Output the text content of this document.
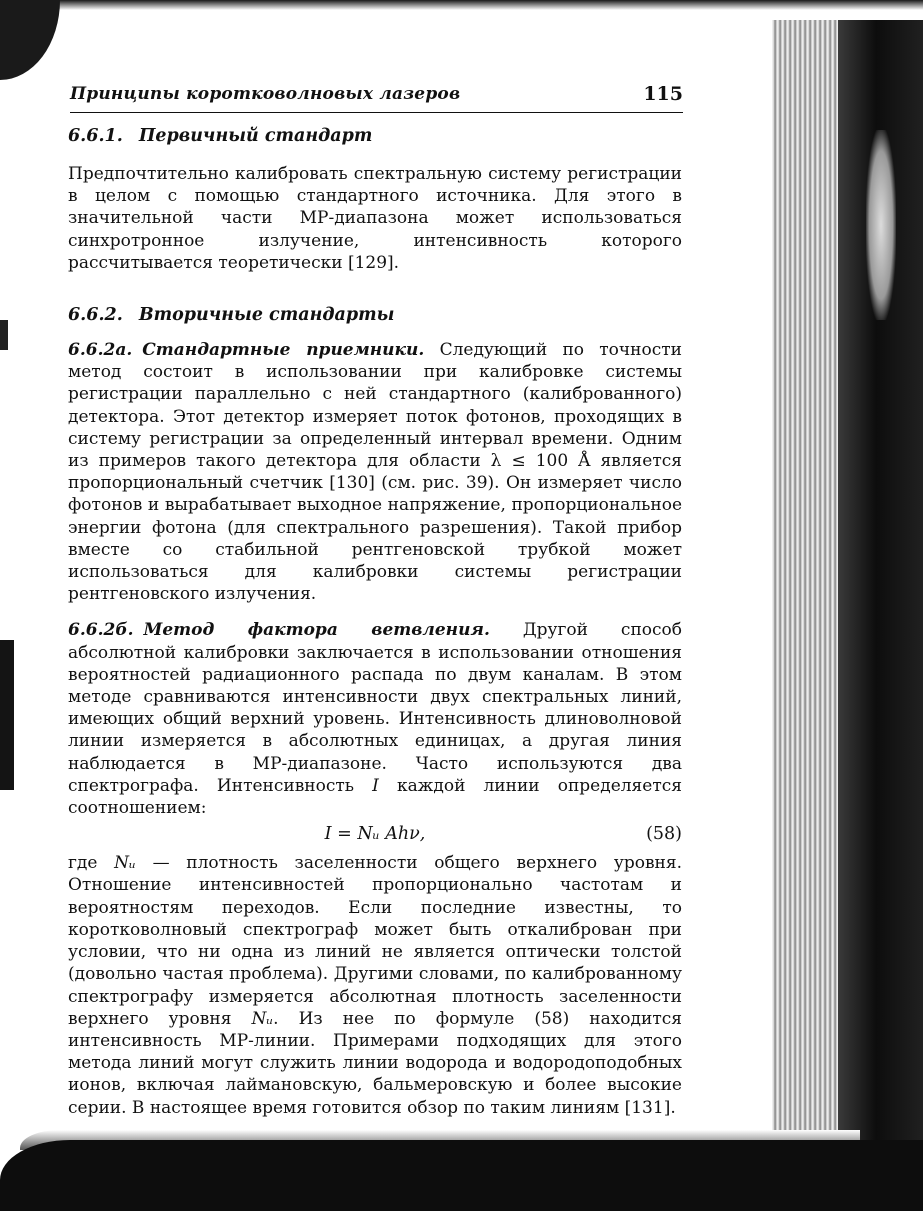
Принципы коротковолновых лазеров	115

6.6.1. Первичный стандарт

Предпочтительно калибровать спектральную систему регистрации в целом с помощью стандартного источника. Для этого в значительной части МР-диапазона может использоваться синхротронное излучение, интенсивность которого рассчитывается теоретически [129].

6.6.2. Вторичные стандарты

6.6.2а. Стандартные приемники. Следующий по точности метод состоит в использовании при калибровке системы регистрации параллельно с ней стандартного (калиброванного) детектора. Этот детектор измеряет поток фотонов, проходящих в систему регистрации за определенный интервал времени. Одним из примеров такого детектора для области λ ≤ 100 Å является пропорциональный счетчик [130] (см. рис. 39). Он измеряет число фотонов и вырабатывает выходное напряжение, пропорциональное энергии фотона (для спектрального разрешения). Такой прибор вместе со стабильной рентгеновской трубкой может использоваться для калибровки системы регистрации рентгеновского излучения.

6.6.2б. Метод фактора ветвления. Другой способ абсолютной калибровки заключается в использовании отношения вероятностей радиационного распада по двум каналам. В этом методе сравниваются интенсивности двух спектральных линий, имеющих общий верхний уровень. Интенсивность длиноволновой линии измеряется в абсолютных единицах, а другая линия наблюдается в МР-диапазоне. Часто используются два спектрографа. Интенсивность I каждой линии определяется соотношением:

I = Nᵤ Ahν,	(58)

где Nᵤ — плотность заселенности общего верхнего уровня. Отношение интенсивностей пропорционально частотам и вероятностям переходов. Если последние известны, то коротковолновый спектрограф может быть откалиброван при условии, что ни одна из линий не является оптически толстой (довольно частая проблема). Другими словами, по калиброванному спектрографу измеряется абсолютная плотность заселенности верхнего уровня Nᵤ. Из нее по формуле (58) находится интенсивность МР-линии. Примерами подходящих для этого метода линий могут служить линии водорода и водородоподобных ионов, включая лаймановскую, бальмеровскую и более высокие серии. В настоящее время готовится обзор по таким линиям [131].
